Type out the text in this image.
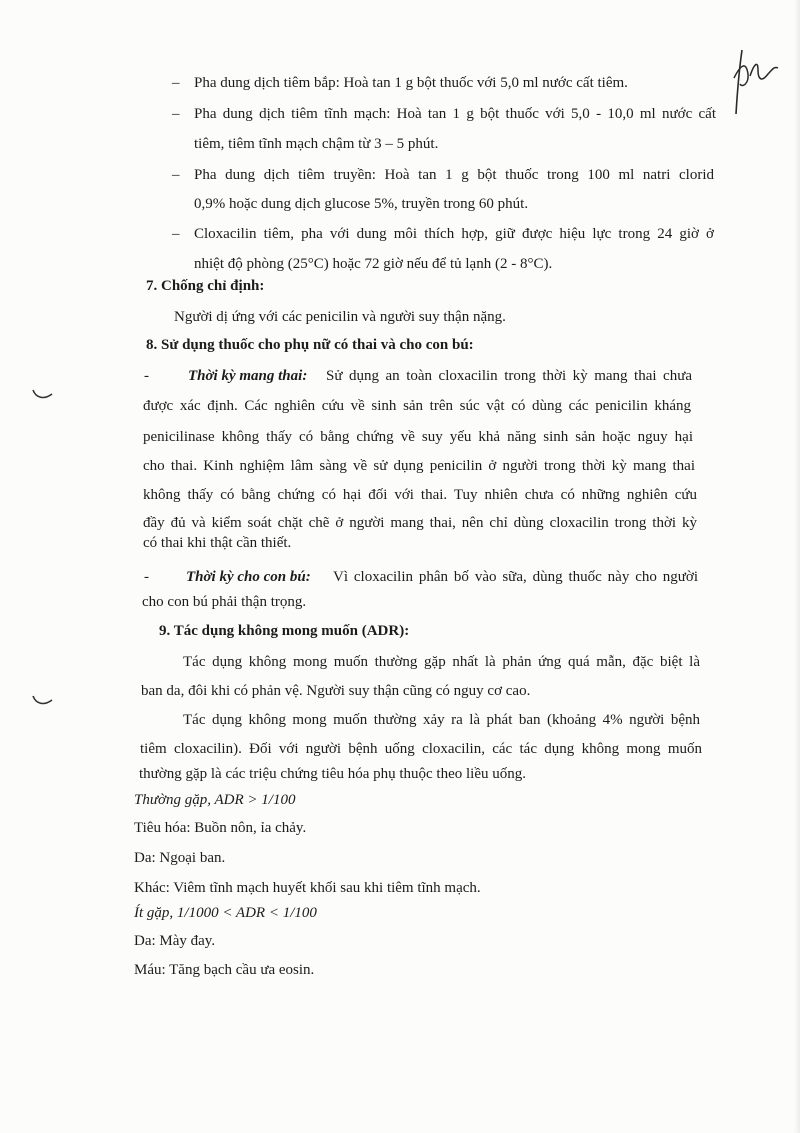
– Pha dung dịch tiêm bắp: Hoà tan 1 g bột thuốc với 5,0 ml nước cất tiêm.
– Pha dung dịch tiêm tĩnh mạch: Hoà tan 1 g bột thuốc với 5,0 - 10,0 ml nước cất
tiêm, tiêm tĩnh mạch chậm từ 3 – 5 phút.
– Pha dung dịch tiêm truyền: Hoà tan 1 g bột thuốc trong 100 ml natri clorid
0,9% hoặc dung dịch glucose 5%, truyền trong 60 phút.
– Cloxacilin tiêm, pha với dung môi thích hợp, giữ được hiệu lực trong 24 giờ ở
nhiệt độ phòng (25°C) hoặc 72 giờ nếu để tủ lạnh (2 - 8°C).
7. Chống chỉ định:
Người dị ứng với các penicilin và người suy thận nặng.
8. Sử dụng thuốc cho phụ nữ có thai và cho con bú:
-	Thời kỳ mang thai: Sử dụng an toàn cloxacilin trong thời kỳ mang thai chưa
được xác định. Các nghiên cứu về sinh sản trên súc vật có dùng các penicilin kháng
penicilinase không thấy có bằng chứng về suy yếu khả năng sinh sản hoặc nguy hại
cho thai. Kinh nghiệm lâm sàng về sử dụng penicilin ở người trong thời kỳ mang thai
không thấy có bằng chứng có hại đối với thai. Tuy nhiên chưa có những nghiên cứu
đầy đủ và kiểm soát chặt chẽ ở người mang thai, nên chỉ dùng cloxacilin trong thời kỳ
có thai khi thật cần thiết.
- Thời kỳ cho con bú: Vì cloxacilin phân bố vào sữa, dùng thuốc này cho người
cho con bú phải thận trọng.
9. Tác dụng không mong muốn (ADR):
Tác dụng không mong muốn thường gặp nhất là phản ứng quá mẫn, đặc biệt là
ban da, đôi khi có phản vệ. Người suy thận cũng có nguy cơ cao.
Tác dụng không mong muốn thường xảy ra là phát ban (khoảng 4% người bệnh
tiêm cloxacilin). Đối với người bệnh uống cloxacilin, các tác dụng không mong muốn
thường gặp là các triệu chứng tiêu hóa phụ thuộc theo liều uống.
Thường gặp, ADR > 1/100
Tiêu hóa: Buồn nôn, ỉa chảy.
Da: Ngoại ban.
Khác: Viêm tĩnh mạch huyết khối sau khi tiêm tĩnh mạch.
Ít gặp, 1/1000 < ADR < 1/100
Da: Mày đay.
Máu: Tăng bạch cầu ưa eosin.
